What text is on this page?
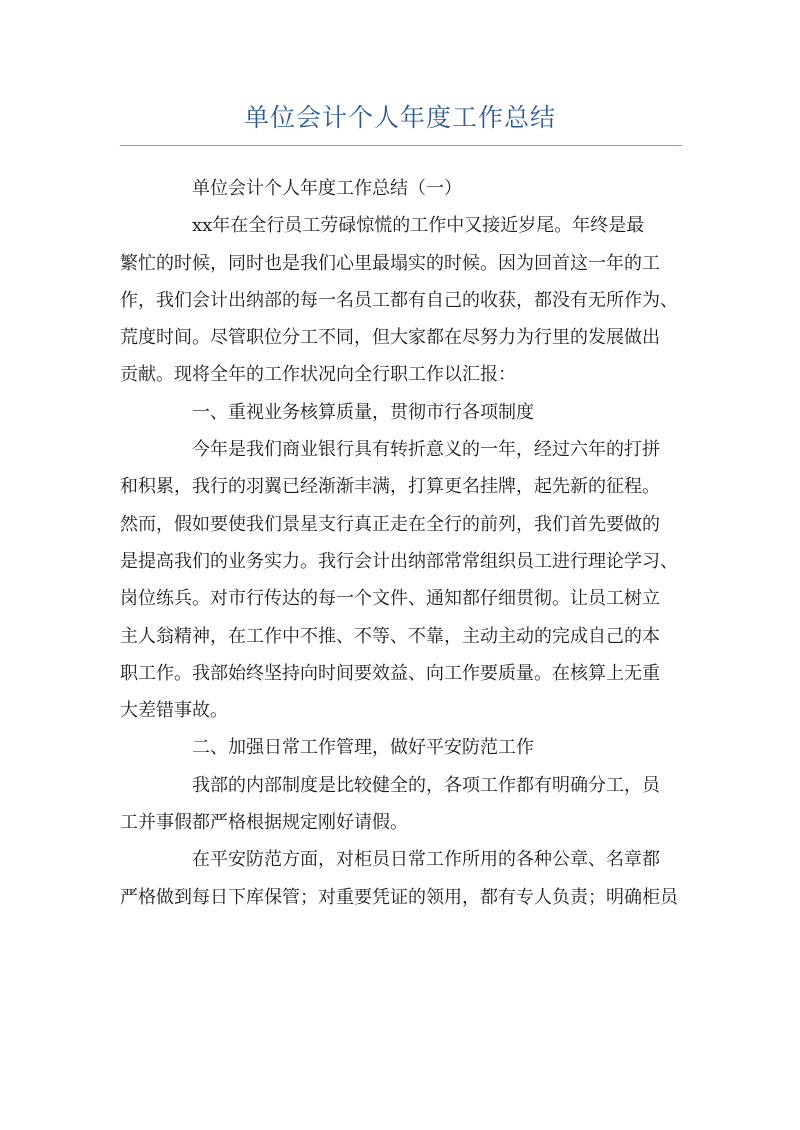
单位会计个人年度工作总结
单位会计个人年度工作总结（一）
xx年在全行员工劳碌惊慌的工作中又接近岁尾。年终是最
繁忙的时候，同时也是我们心里最塌实的时候。因为回首这一年的工
作，我们会计出纳部的每一名员工都有自己的收获，都没有无所作为、
荒度时间。尽管职位分工不同，但大家都在尽努力为行里的发展做出
贡献。现将全年的工作状况向全行职工作以汇报：
一、重视业务核算质量，贯彻市行各项制度
今年是我们商业银行具有转折意义的一年，经过六年的打拼
和积累，我行的羽翼已经渐渐丰满，打算更名挂牌，起先新的征程。
然而，假如要使我们景星支行真正走在全行的前列，我们首先要做的
是提高我们的业务实力。我行会计出纳部常常组织员工进行理论学习、
岗位练兵。对市行传达的每一个文件、通知都仔细贯彻。让员工树立
主人翁精神，在工作中不推、不等、不靠，主动主动的完成自己的本
职工作。我部始终坚持向时间要效益、向工作要质量。在核算上无重
大差错事故。
二、加强日常工作管理，做好平安防范工作
我部的内部制度是比较健全的，各项工作都有明确分工，员
工并事假都严格根据规定刚好请假。
在平安防范方面，对柜员日常工作所用的各种公章、名章都
严格做到每日下库保管；对重要凭证的领用，都有专人负责；明确柜员
